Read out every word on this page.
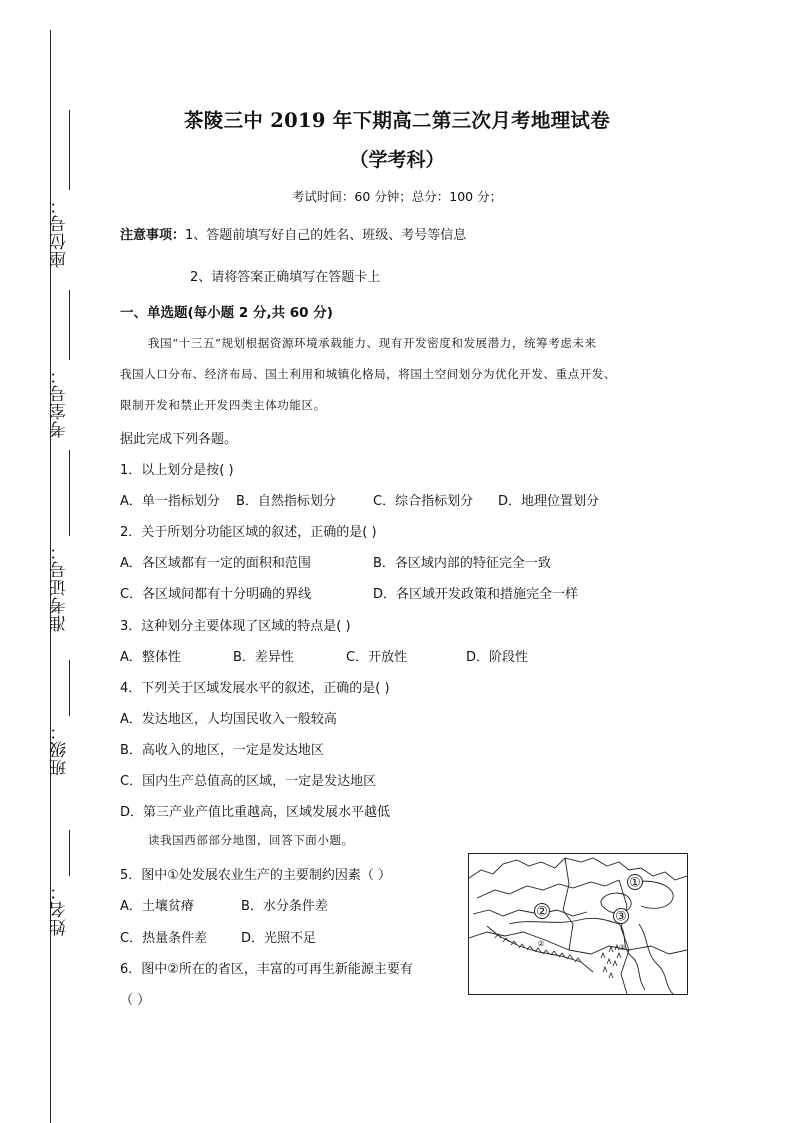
座位号：
考室号：
准考证号：
班级：
姓名：
茶陵三中 2019 年下期高二第三次月考地理试卷
（学考科）
考试时间：60 分钟；总分：100 分；
注意事项：1、答题前填写好自己的姓名、班级、考号等信息
2、请将答案正确填写在答题卡上
一、单选题(每小题 2 分,共 60 分)
我国“十三五”规划根据资源环境承载能力、现有开发密度和发展潜力，统筹考虑未来
我国人口分布、经济布局、国土利用和城镇化格局，将国土空间划分为优化开发、重点开发、
限制开发和禁止开发四类主体功能区。
据此完成下列各题。
1．以上划分是按( )
A．单一指标划分 B．自然指标划分	C．综合指标划分 D．地理位置划分
2．关于所划分功能区域的叙述，正确的是( )
A．各区域都有一定的面积和范围	B．各区域内部的特征完全一致
C．各区域间都有十分明确的界线	D．各区域开发政策和措施完全一样
3．这种划分主要体现了区域的特点是( )
A．整体性	B．差异性	C．开放性	D．阶段性
4．下列关于区域发展水平的叙述，正确的是( )
A．发达地区，人均国民收入一般较高
B．高收入的地区，一定是发达地区
C．国内生产总值高的区域，一定是发达地区
D．第三产业产值比重越高，区域发展水平越低
读我国西部部分地图，回答下面小题。
5．图中①处发展农业生产的主要制约因素（ ）
A．土壤贫瘠	B．水分条件差
C．热量条件差	D．光照不足
6．图中②所在的省区，丰富的可再生新能源主要有
（ ）
①
②	③
②	③
